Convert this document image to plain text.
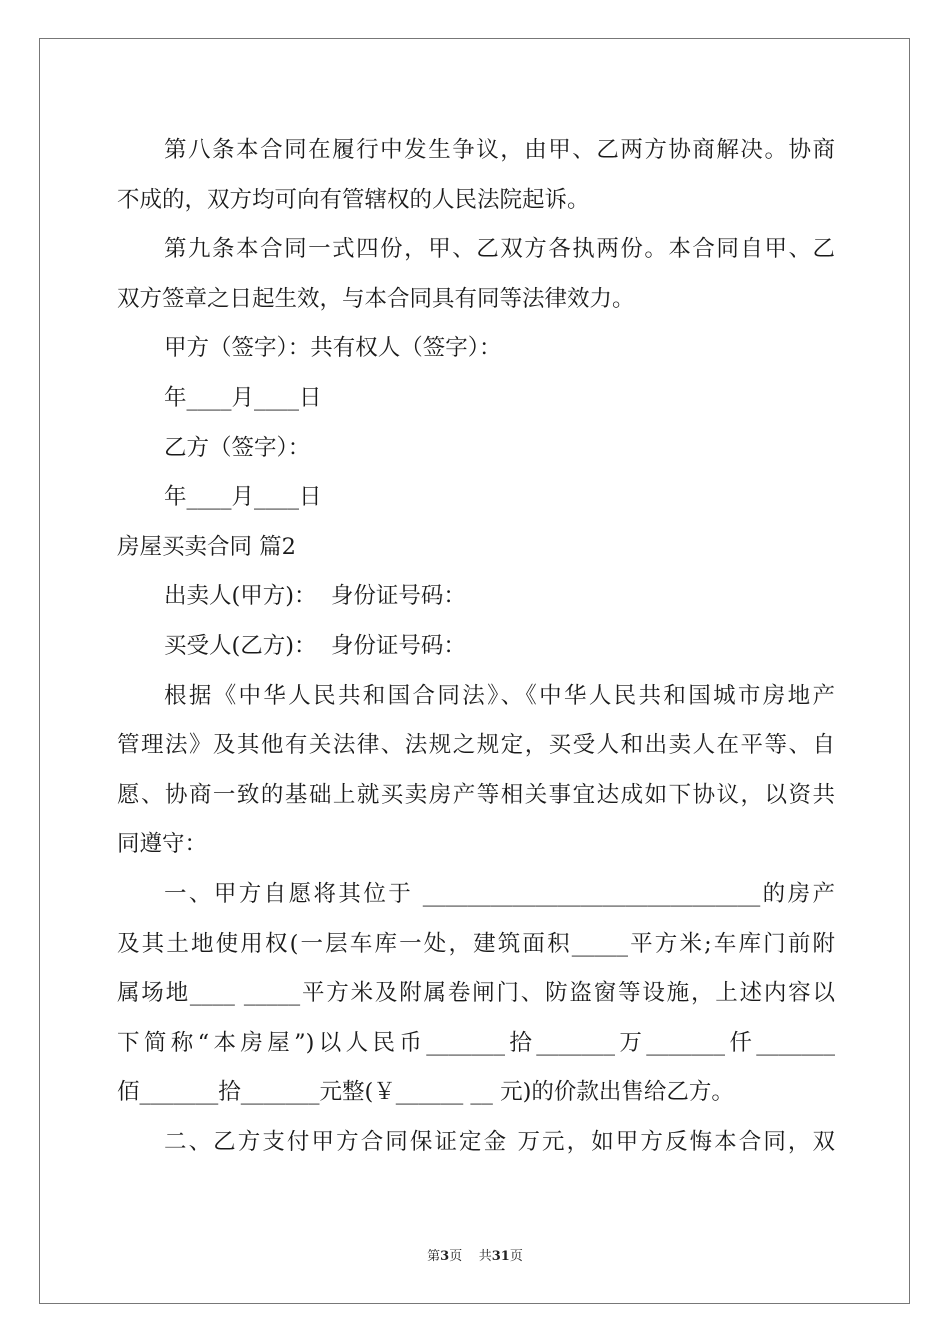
第八条本合同在履行中发生争议，由甲、乙两方协商解决。协商
不成的，双方均可向有管辖权的人民法院起诉。
第九条本合同一式四份，甲、乙双方各执两份。本合同自甲、乙
双方签章之日起生效，与本合同具有同等法律效力。
甲方（签字）：共有权人（签字）：
年____月____日
乙方（签字）：
年____月____日
房屋买卖合同 篇2
出卖人(甲方)：  身份证号码：
买受人(乙方)：  身份证号码：
根据《中华人民共和国合同法》、《中华人民共和国城市房地产
管理法》及其他有关法律、法规之规定，买受人和出卖人在平等、自
愿、协商一致的基础上就买卖房产等相关事宜达成如下协议，以资共
同遵守：
一、甲方自愿将其位于 ______________________________的房产
及其土地使用权(一层车库一处，建筑面积_____平方米;车库门前附
属场地____ _____平方米及附属卷闸门、防盗窗等设施，上述内容以
下简称“本房屋”)以人民币_______拾_______万_______仟_______
佰_______拾_______元整(￥______ __ 元)的价款出售给乙方。
二、乙方支付甲方合同保证定金 万元，如甲方反悔本合同，双
第3页 共31页
